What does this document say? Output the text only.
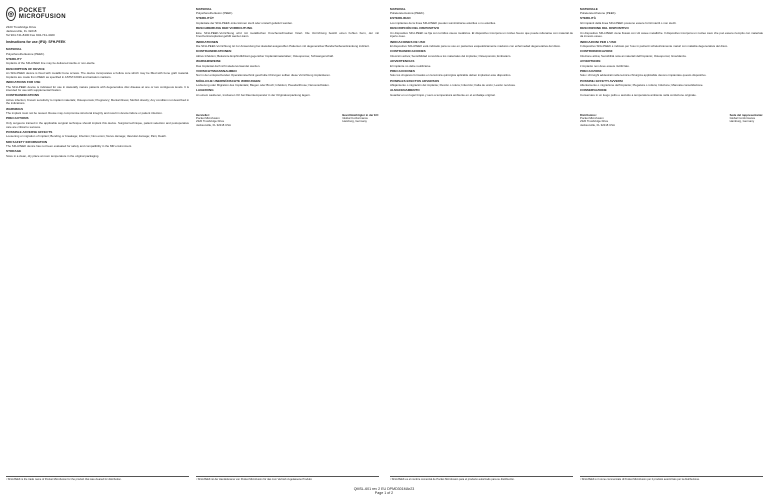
◎ POCKET
MICROFUSION
2320 Trowbridge Drive
Jacksonville, FL 32218
Tel 904-741-8400 Fax 904-741-4020
Instructions for use (IFU): SFH-PEEK
MATERIAL

Polyetheretherketone (PEEK).

STERILITY

Implants of the SFH-PEEK line may be delivered sterile or non-sterile.

DESCRIPTION OF DEVICE

An SFH-PEEK device is fixed with metallic bone screws. The device incorporates a hollow core which may be filled with bone graft material. Implants are made from PEEK as specified in ASTM F2026 and tantalum markers.

INDICATIONS FOR USE

The SFH-PEEK device is indicated for use in skeletally mature patients with degenerative disc disease at one or two contiguous levels. It is intended for use with supplemental fixation.

CONTRAINDICATIONS

Active infection; Known sensitivity to implant materials; Osteoporosis; Pregnancy; Mental illness; Morbid obesity; Any condition not described in the indications.

WARNINGS

The implant must not be reused. Reuse may compromise structural integrity and result in device failure or patient infection.

PRECAUTIONS

Only surgeons trained in the applicable surgical technique should implant this device. Surgical technique, patient selection and postoperative care are critical to success.

POSSIBLE ADVERSE EFFECTS

Loosening or migration of implant; Bending or breakage; Infection; Non-union; Nerve damage; Vascular damage; Pain; Death.

MRI SAFETY INFORMATION

The SFH-PEEK device has not been evaluated for safety and compatibility in the MR environment.

STORAGE

Store in a clean, dry place at room temperature in the original packaging.

MATERIAL

Polyetheretherketon (PEEK).

STERILITÄT

Implantate der SFH-PEEK-Linie können steril oder unsteril geliefert werden.

BESCHREIBUNG DER VORRICHTUNG

Eine SFH-PEEK-Vorrichtung wird mit metallischen Knochenschrauben fixiert. Die Vorrichtung besitzt einen hohlen Kern, der mit Knochentransplantat gefüllt werden kann.

INDIKATIONEN

Die SFH-PEEK-Vorrichtung ist zur Anwendung bei skelettal ausgereiften Patienten mit degenerativer Bandscheibenerkrankung indiziert.

KONTRAINDIKATIONEN

Aktive Infektion; Bekannte Empfindlichkeit gegenüber Implantatmaterialien; Osteoporose; Schwangerschaft.

WARNHINWEISE

Das Implantat darf nicht wiederverwendet werden.

VORSICHTSMASSNAHMEN

Nur in der entsprechenden Operationstechnik geschulte Chirurgen sollten diese Vorrichtung implantieren.

MÖGLICHE UNERWÜNSCHTE WIRKUNGEN

Lockerung oder Migration des Implantats; Biegen oder Bruch; Infektion; Pseudarthrose; Nervenschäden.

LAGERUNG

An einem sauberen, trockenen Ort bei Raumtemperatur in der Originalverpackung lagern.

Hersteller:
Pocket Microfusion
2320 Trowbridge Drive
Jacksonville, FL 32218 USA
Bevollmächtigter in der EU:
Global Conformance
Hamburg, Germany
MATERIAL

Polieteretercetona (PEEK).

ESTERILIDAD

Los implantes de la línea SFH-PEEK pueden suministrarse estériles o no estériles.

DESCRIPCIÓN DEL DISPOSITIVO

Un dispositivo SFH-PEEK se fija con tornillos óseos metálicos. El dispositivo incorpora un núcleo hueco que puede rellenarse con material de injerto óseo.

INDICACIONES DE USO

El dispositivo SFH-PEEK está indicado para su uso en pacientes esqueléticamente maduros con enfermedad degenerativa del disco.

CONTRAINDICACIONES

Infección activa; Sensibilidad conocida a los materiales del implante; Osteoporosis; Embarazo.

ADVERTENCIAS

El implante no debe reutilizarse.

PRECAUCIONES

Solo los cirujanos formados en la técnica quirúrgica aplicable deben implantar este dispositivo.

POSIBLES EFECTOS ADVERSOS

Aflojamiento o migración del implante; Flexión o rotura; Infección; Falta de unión; Lesión nerviosa.

ALMACENAMIENTO

Guardar en un lugar limpio y seco a temperatura ambiente en el embalaje original.

MATERIALE

Polietereterchetone (PEEK).

STERILITÀ

Gli impianti della linea SFH-PEEK possono essere forniti sterili o non sterili.

DESCRIZIONE DEL DISPOSITIVO

Un dispositivo SFH-PEEK viene fissato con viti ossee metalliche. Il dispositivo incorpora un nucleo cavo che può essere riempito con materiale da innesto osseo.

INDICAZIONI PER L'USO

Il dispositivo SFH-PEEK è indicato per l'uso in pazienti scheletricamente maturi con malattia degenerativa del disco.

CONTROINDICAZIONI

Infezione attiva; Sensibilità nota ai materiali dell'impianto; Osteoporosi; Gravidanza.

AVVERTENZE

L'impianto non deve essere riutilizzato.

PRECAUZIONI

Solo i chirurghi addestrati nella tecnica chirurgica applicabile devono impiantare questo dispositivo.

POSSIBILI EFFETTI AVVERSI

Allentamento o migrazione dell'impianto; Piegatura o rottura; Infezione; Mancata consolidazione.

CONSERVAZIONE

Conservare in un luogo pulito e asciutto a temperatura ambiente nella confezione originale.

Distributore:
Pocket Microfusion
2320 Trowbridge Drive
Jacksonville, FL 32218 USA
Sede del rappresentante:
Global Conformance
Hamburg, Germany
¹ SFH-PEEK is the trade name of Pocket Microfusion for the product that was cleared for distribution.	¹ SFH-PEEK ist der Handelsname von Pocket Microfusion für das zum Vertrieb zugelassene Produkt.	¹ SFH-PEEK es el nombre comercial de Pocket Microfusion para el producto autorizado para su distribución.	¹ SFH-PEEK è il nome commerciale di Pocket Microfusion per il prodotto autorizzato per la distribuzione.
QMSL-601 rev 2 EU DPMD301MAr23
Page 1 of 2
